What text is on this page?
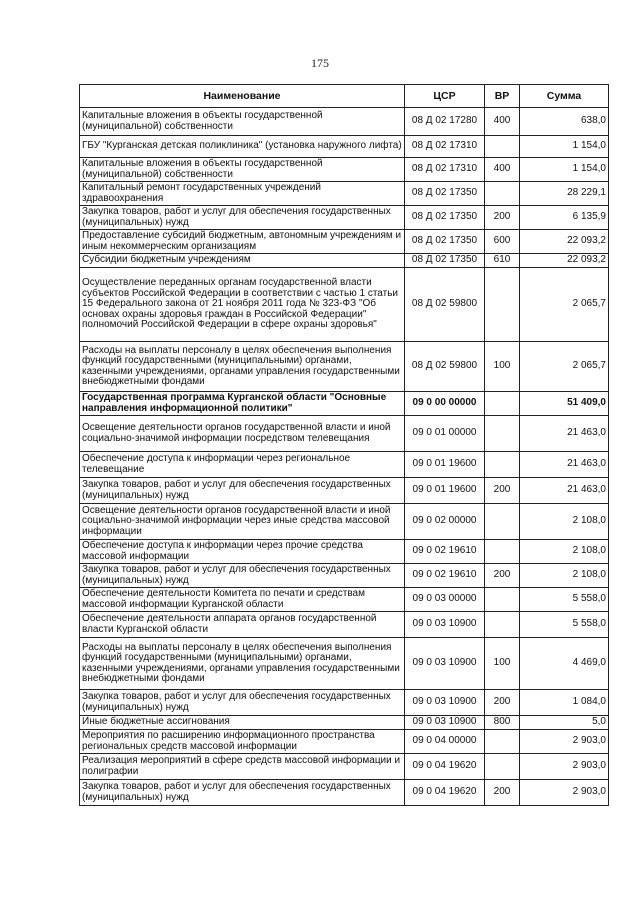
175
Наименование	ЦСР	ВР	Сумма
Капитальные вложения в объекты государственной (муниципальной) собственности	08 Д 02 17280	400	638,0
ГБУ "Курганская детская поликлиника" (установка наружного лифта)	08 Д 02 17310		1 154,0
Капитальные вложения в объекты государственной (муниципальной) собственности	08 Д 02 17310	400	1 154,0
Капитальный ремонт государственных учреждений здравоохранения	08 Д 02 17350		28 229,1
Закупка товаров, работ и услуг для обеспечения государственных (муниципальных) нужд	08 Д 02 17350	200	6 135,9
Предоставление субсидий бюджетным, автономным учреждениям и иным некоммерческим организациям	08 Д 02 17350	600	22 093,2
Субсидии бюджетным учреждениям	08 Д 02 17350	610	22 093,2
Осуществление переданных органам государственной власти субъектов Российской Федерации в соответствии с частью 1 статьи 15 Федерального закона от 21 ноября 2011 года № 323-ФЗ "Об основах охраны здоровья граждан в Российской Федерации" полномочий Российской Федерации в сфере охраны здоровья"	08 Д 02 59800		2 065,7
Расходы на выплаты персоналу в целях обеспечения выполнения функций государственными (муниципальными) органами, казенными учреждениями, органами управления государственными внебюджетными фондами	08 Д 02 59800	100	2 065,7
Государственная программа Курганской области "Основные направления информационной политики"	09 0 00 00000		51 409,0
Освещение деятельности органов государственной власти и иной социально-значимой информации посредством телевещания	09 0 01 00000		21 463,0
Обеспечение доступа к информации через региональное телевещание	09 0 01 19600		21 463,0
Закупка товаров, работ и услуг для обеспечения государственных (муниципальных) нужд	09 0 01 19600	200	21 463,0
Освещение деятельности органов государственной власти и иной социально-значимой информации через иные средства массовой информации	09 0 02 00000		2 108,0
Обеспечение доступа к информации через прочие средства массовой информации	09 0 02 19610		2 108,0
Закупка товаров, работ и услуг для обеспечения государственных (муниципальных) нужд	09 0 02 19610	200	2 108,0
Обеспечение деятельности Комитета по печати и средствам массовой информации Курганской области	09 0 03 00000		5 558,0
Обеспечение деятельности аппарата органов государственной власти Курганской области	09 0 03 10900		5 558,0
Расходы на выплаты персоналу в целях обеспечения выполнения функций государственными (муниципальными) органами, казенными учреждениями, органами управления государственными внебюджетными фондами	09 0 03 10900	100	4 469,0
Закупка товаров, работ и услуг для обеспечения государственных (муниципальных) нужд	09 0 03 10900	200	1 084,0
Иные бюджетные ассигнования	09 0 03 10900	800	5,0
Мероприятия по расширению информационного пространства региональных средств массовой информации	09 0 04 00000		2 903,0
Реализация мероприятий в сфере средств массовой информации и полиграфии	09 0 04 19620		2 903,0
Закупка товаров, работ и услуг для обеспечения государственных (муниципальных) нужд	09 0 04 19620	200	2 903,0
